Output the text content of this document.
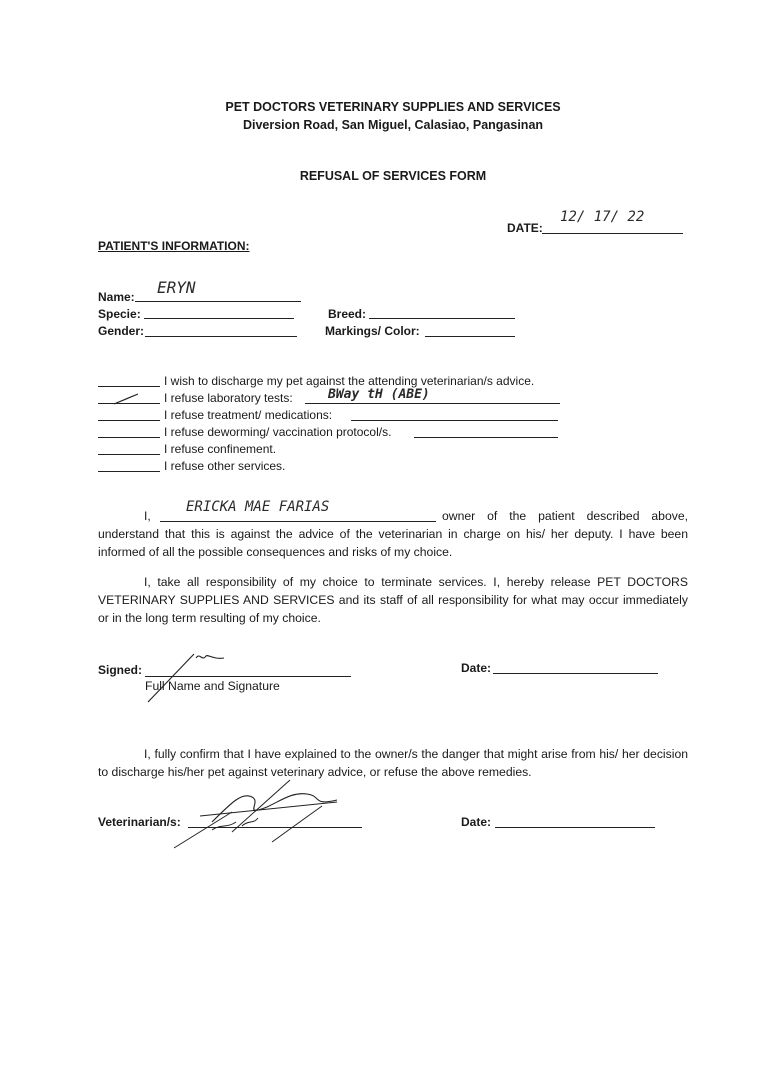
PET DOCTORS VETERINARY SUPPLIES AND SERVICES
Diversion Road, San Miguel, Calasiao, Pangasinan
REFUSAL OF SERVICES FORM
DATE:
12/ 17/ 22
PATIENT'S INFORMATION:
Name: ERYN
Specie:
Gender:
Breed:
Markings/ Color:
I wish to discharge my pet against the attending veterinarian/s advice.
I refuse laboratory tests:	BWay tH (ABE)
I refuse treatment/ medications:
I refuse deworming/ vaccination protocol/s.
I refuse confinement.
I refuse other services.
I,
ERICKA MAE FARIAS
owner of the patient described above, understand that this is against the advice of the veterinarian in charge on his/ her deputy. I have been informed of all the possible consequences and risks of my choice.
I, take all responsibility of my choice to terminate services. I, hereby release PET DOCTORS VETERINARY SUPPLIES AND SERVICES and its staff of all responsibility for what may occur immediately or in the long term resulting of my choice.
Signed:
Full Name and Signature
Date:
I, fully confirm that I have explained to the owner/s the danger that might arise from his/ her decision to discharge his/her pet against veterinary advice, or refuse the above remedies.
Veterinarian/s:	Date:
